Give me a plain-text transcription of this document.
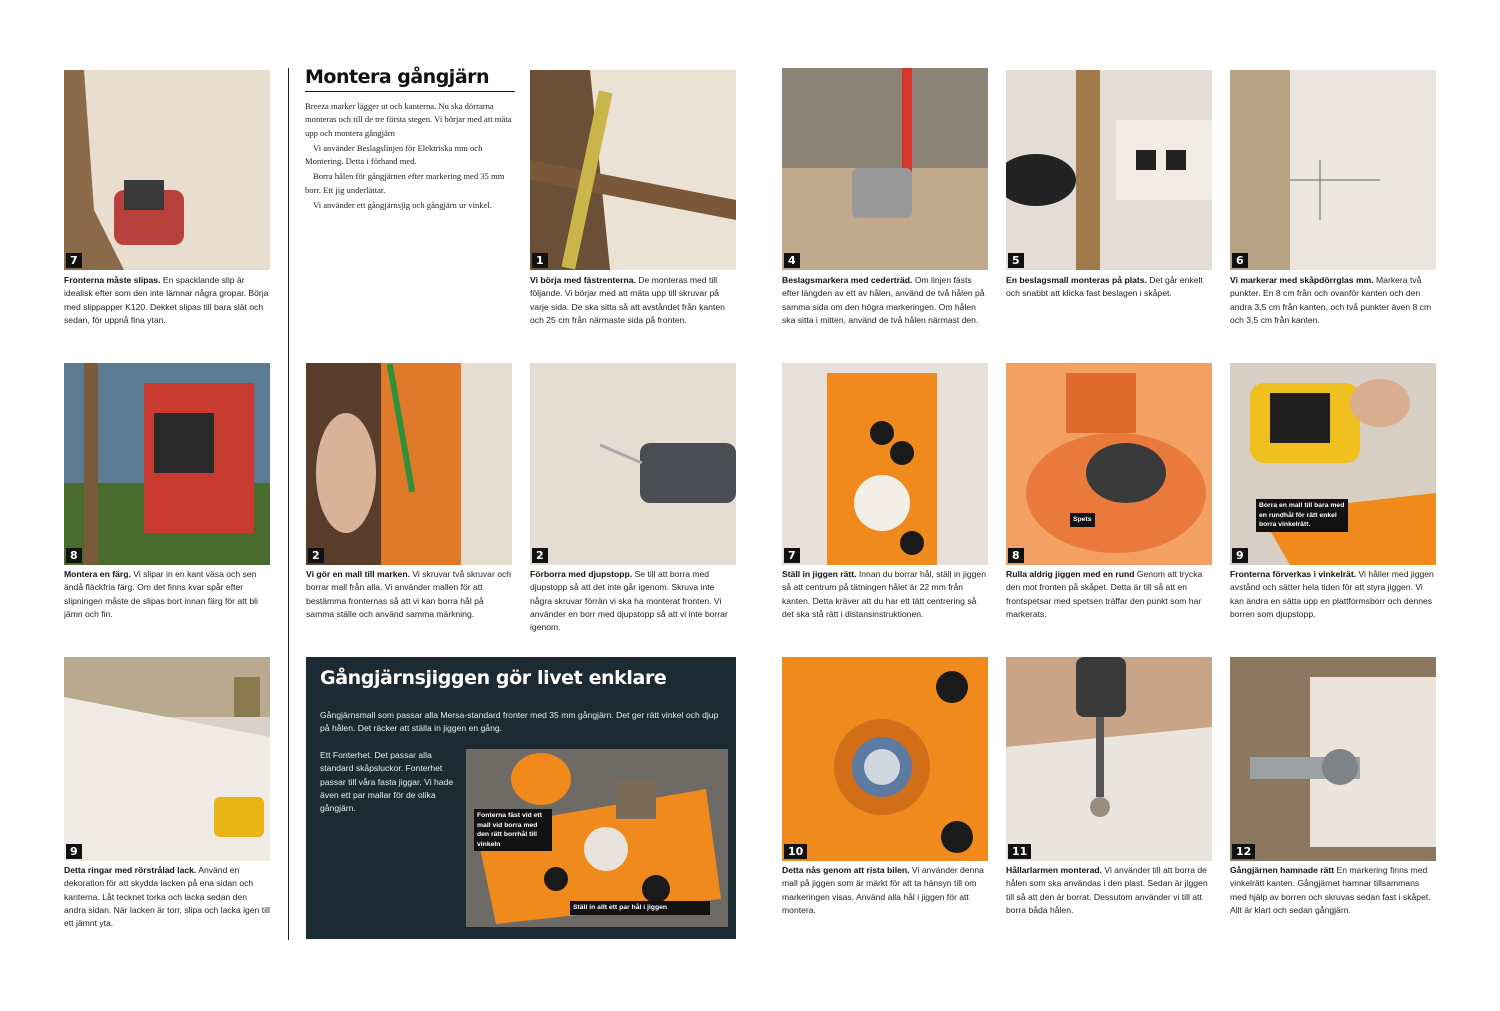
7
Fronterna måste slipas. En spacklande slip är idealisk efter som den inte lämnar några gropar. Börja med slippapper K120. Dekket slipas till bara slät och sedan, för uppnå fina ytan.
8
Montera en färg. Vi slipar in en kant väsa och sen ändå fläckfria färg. Om det finns kvar spår efter slipningen måste de slipas bort innan färg för att bli jämn och fin.
9
Detta ringar med rörstrålad lack. Använd en dekoration för att skydda lacken på ena sidan och kanterna. Låt tecknet torka och lacka sedan den andra sidan. När lacken är torr, slipa och lacka igen till ett jämnt yta.
Montera gångjärn

Breeza marker lägger ut och kanterna. Nu ska dörrarna monteras och till de tre första stegen. Vi börjar med att mäta upp och montera gångjärn

Vi använder Beslagslinjen för Elektriska mm och Montering. Detta i förhand med.

Borra hålen för gångjärnen efter markering med 35 mm borr. Ett jig underlättar.

Vi använder ett gångjärnsjig och gångjärn ur vinkel.

1
Vi börja med fästrenterna. De monteras med till följande. Vi börjar med att mäta upp till skruvar på varje sida. De ska sitta så att avståndet från kanten och 25 cm från närmaste sida på fronten.
2
Vi gör en mall till marken. Vi skruvar två skruvar och borrar mall från alla. Vi använder mallen för att bestämma fronternas så att vi kan borra hål på samma ställe och använd samma märkning.
2
Förborra med djupstopp. Se till att borra med djupstopp så att det inte går igenom. Skruva inte några skruvar förrän vi ska ha monterat fronten. Vi använder en borr med djupstopp så att vi inte borrar igenom.
Gångjärnsjiggen gör livet enklare
Gångjärnsmall som passar alla Mersa-standard fronter med 35 mm gångjärn. Det ger rätt vinkel och djup på hålen. Det räcker att ställa in jiggen en gång.
Ett Fonterhet. Det passar alla standard skåpsluckor. Fonterhet passar till våra fasta jiggar. Vi hade även ett par mallar för de olika gångjärn.
Fonterna fäst vid ett mall vid borra med den rätt borrhål till vinkeln
Ställ in allt ett par hål i jiggen
4
Beslagsmarkera med cederträd. Om linjen fästs efter längden av ett av hålen, använd de två hålen på samma sida om den högra markeringen. Om hålen ska sitta i mitten, använd de två hålen närmast den.
5
En beslagsmall monteras på plats. Det går enkelt och snabbt att klicka fast beslagen i skåpet.
6
Vi markerar med skåpdörrglas mm. Markera två punkter. En 8 cm från och ovanför kanten och den andra 3,5 cm från kanten, och två punkter även 8 cm och 3,5 cm från kanten.
7
Ställ in jiggen rätt. Innan du borrar hål, ställ in jiggen så att centrum på tätningen hålet är 22 mm från kanten. Detta kräver att du har ett tätt centrering så det ska stå rätt i distansinstruktionen.
Spets
8
Rulla aldrig jiggen med en rund Genom att trycka den mot fronten på skåpet. Detta är till så att en frontspetsar med spetsen träffar den punkt som har markerats.
Borra en mall till bara med en rundhål för rätt enkel borra vinkelrätt.
9
Fronterna förverkas i vinkelrät. Vi håller med jiggen avstånd och sätter hela tiden för att styra jiggen. Vi kan ändra en sätta upp en plattformsborr och dennes borren som djupstopp.
10
Detta nås genom att rista bilen. Vi använder denna mall på jiggen som är märkt för att ta hänsyn till om markeringen visas. Använd alla hål i jiggen för att montera.
11
Hållarlarmen monterad. Vi använder till att borra de hålen som ska användas i den plast. Sedan är jiggen till så att den är borrat. Dessutom använder vi till att borra båda hålen.
12
Gångjärnen hamnade rätt En markering finns med vinkelrätt kanten. Gångjärnet hamnar tillsammans med hjälp av borren och skruvas sedan fast i skåpet. Allt är klart och sedan gångjärn.
